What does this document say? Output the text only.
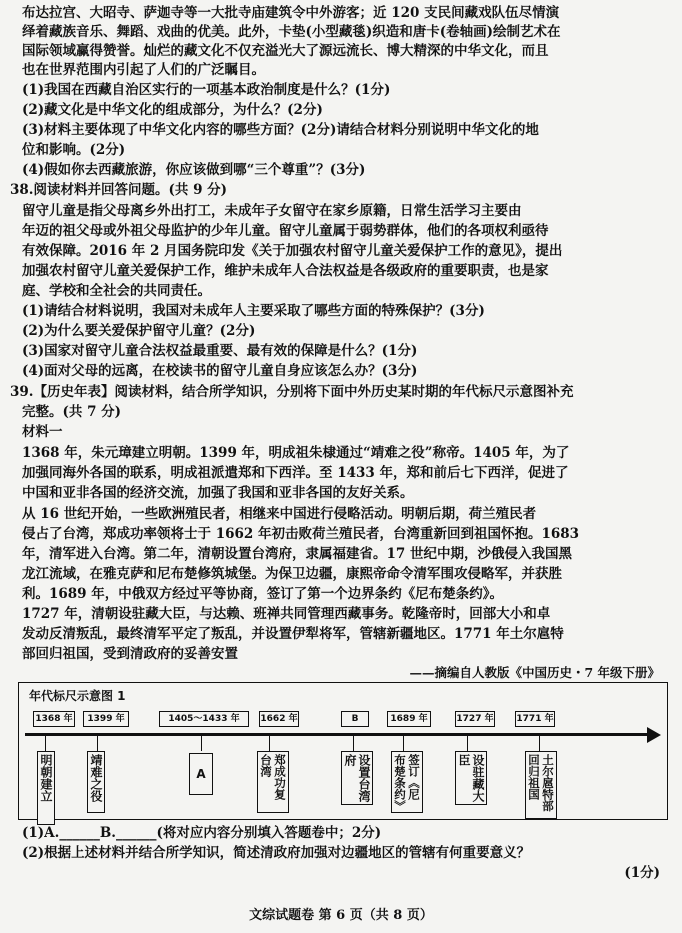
布达拉宫、大昭寺、萨迦寺等一大批寺庙建筑令中外游客；近 120 支民间藏戏队伍尽情演
绎着藏族音乐、舞蹈、戏曲的优美。此外，卡垫(小型藏毯)织造和唐卡(卷轴画)绘制艺术在
国际领域赢得赞誉。灿烂的藏文化不仅充溢光大了源远流长、博大精深的中华文化，而且
也在世界范围内引起了人们的广泛瞩目。
(1)我国在西藏自治区实行的一项基本政治制度是什么？(1分)
(2)藏文化是中华文化的组成部分，为什么？(2分)
(3)材料主要体现了中华文化内容的哪些方面？(2分)请结合材料分别说明中华文化的地
位和影响。(2分)
(4)假如你去西藏旅游，你应该做到哪“三个尊重”？(3分)
38.阅读材料并回答问题。(共 9 分)
留守儿童是指父母离乡外出打工，未成年子女留守在家乡原籍，日常生活学习主要由
年迈的祖父母或外祖父母监护的少年儿童。留守儿童属于弱势群体，他们的各项权利亟待
有效保障。2016 年 2 月国务院印发《关于加强农村留守儿童关爱保护工作的意见》，提出
加强农村留守儿童关爱保护工作，维护未成年人合法权益是各级政府的重要职责，也是家
庭、学校和全社会的共同责任。
(1)请结合材料说明，我国对未成年人主要采取了哪些方面的特殊保护？(3分)
(2)为什么要关爱保护留守儿童？(2分)
(3)国家对留守儿童合法权益最重要、最有效的保障是什么？(1分)
(4)面对父母的远离，在校读书的留守儿童自身应该怎么办？(3分)
39.【历史年表】阅读材料，结合所学知识，分别将下面中外历史某时期的年代标尺示意图补充
完整。(共 7 分)
材料一
1368 年，朱元璋建立明朝。1399 年，明成祖朱棣通过“靖难之役”称帝。1405 年，为了
加强同海外各国的联系，明成祖派遣郑和下西洋。至 1433 年，郑和前后七下西洋，促进了
中国和亚非各国的经济交流，加强了我国和亚非各国的友好关系。
从 16 世纪开始，一些欧洲殖民者，相继来中国进行侵略活动。明朝后期，荷兰殖民者
侵占了台湾，郑成功率领将士于 1662 年初击败荷兰殖民者，台湾重新回到祖国怀抱。1683
年，清军进入台湾。第二年，清朝设置台湾府，隶属福建省。17 世纪中期，沙俄侵入我国黑
龙江流域，在雅克萨和尼布楚修筑城堡。为保卫边疆，康熙帝命令清军围攻侵略军，并获胜
利。1689 年，中俄双方经过平等协商，签订了第一个边界条约《尼布楚条约》。
1727 年，清朝设驻藏大臣，与达赖、班禅共同管理西藏事务。乾隆帝时，回部大小和卓
发动反清叛乱，最终清军平定了叛乱，并设置伊犁将军，管辖新疆地区。1771 年土尔扈特
部回归祖国，受到清政府的妥善安置
——摘编自人教版《中国历史・7 年级下册》
年代标尺示意图 1
1368 年	1399 年	1405～1433 年	1662 年	B	1689 年	1727 年	1771 年
明朝建立	靖难之役	A	郑成功复台湾	设置台湾府	签订《尼布楚条约》	设驻藏大臣	土尔扈特部回归祖国
(1)A.______B.______(将对应内容分别填入答题卷中；2分)
(2)根据上述材料并结合所学知识，简述清政府加强对边疆地区的管辖有何重要意义？
(1分)
文综试题卷 第 6 页（共 8 页）
